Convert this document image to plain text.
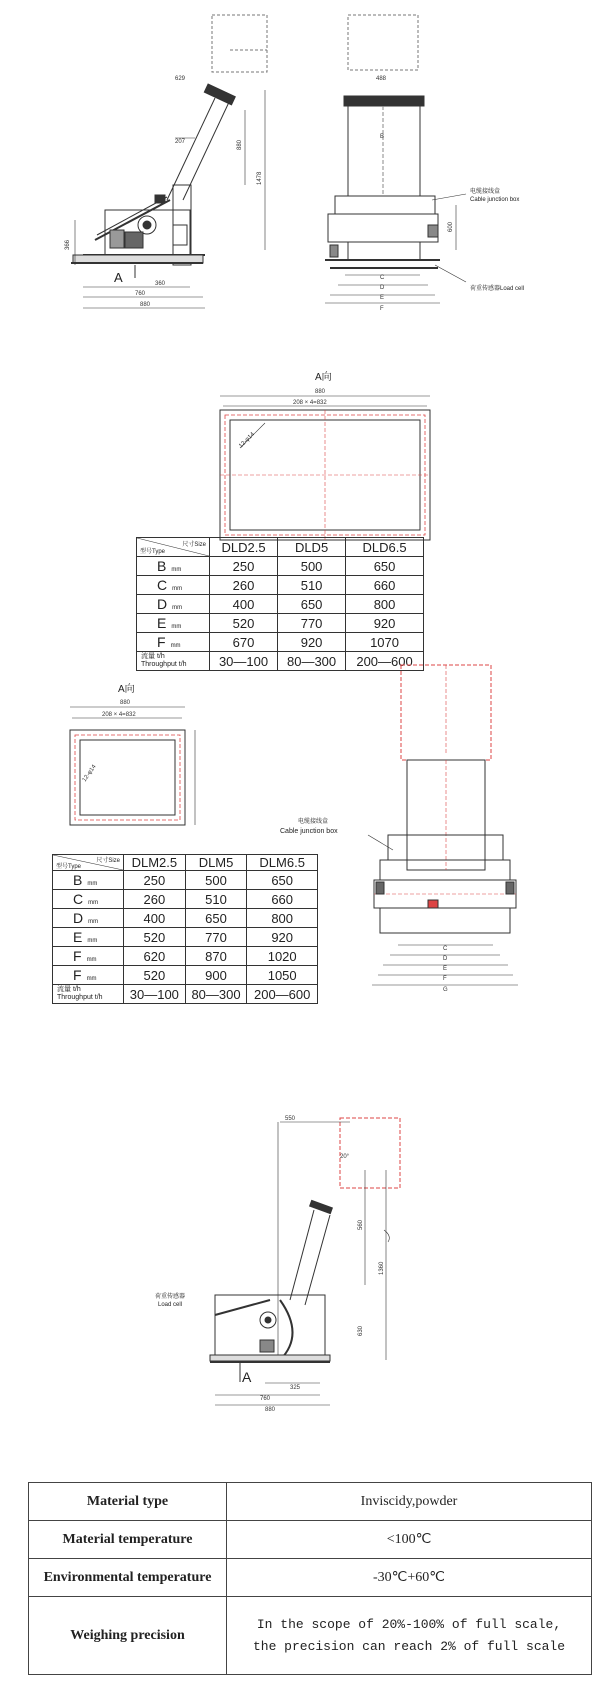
629
207	880
1478
366
360
760
880
A
488
B
C
D
E
F
600
电缆接线盒
Cable junction box
荷重传感器 Load cell
A向
880
208 × 4=832
12-φ14
尺寸Size
型号Type	DLD2.5	DLD5	DLD6.5
B mm	250	500	650
C mm	260	510	660
D mm	400	650	800
E mm	520	770	920
F mm	670	920	1070
流量 t/h
Throughput t/h	30—100	80—300	200—600
A向
880
208 × 4=832
12-φ14
C
D
E
F
G
电缆接线盒
Cable junction box
尺寸Size
型号Type	DLM2.5	DLM5	DLM6.5
B mm	250	500	650
C mm	260	510	660
D mm	400	650	800
E mm	520	770	920
F mm	620	870	1020
F mm	520	900	1050
流量 t/h
Throughput t/h	30—100	80—300	200—600
550
20°
560
1360
630
325
760
880
A
荷重传感器
Load cell
Material type	Inviscidy,powder
Material temperature	<100℃
Environmental temperature	-30℃+60℃
Weighing precision	In the scope of 20%-100% of full scale,
the precision can reach 2% of full scale
